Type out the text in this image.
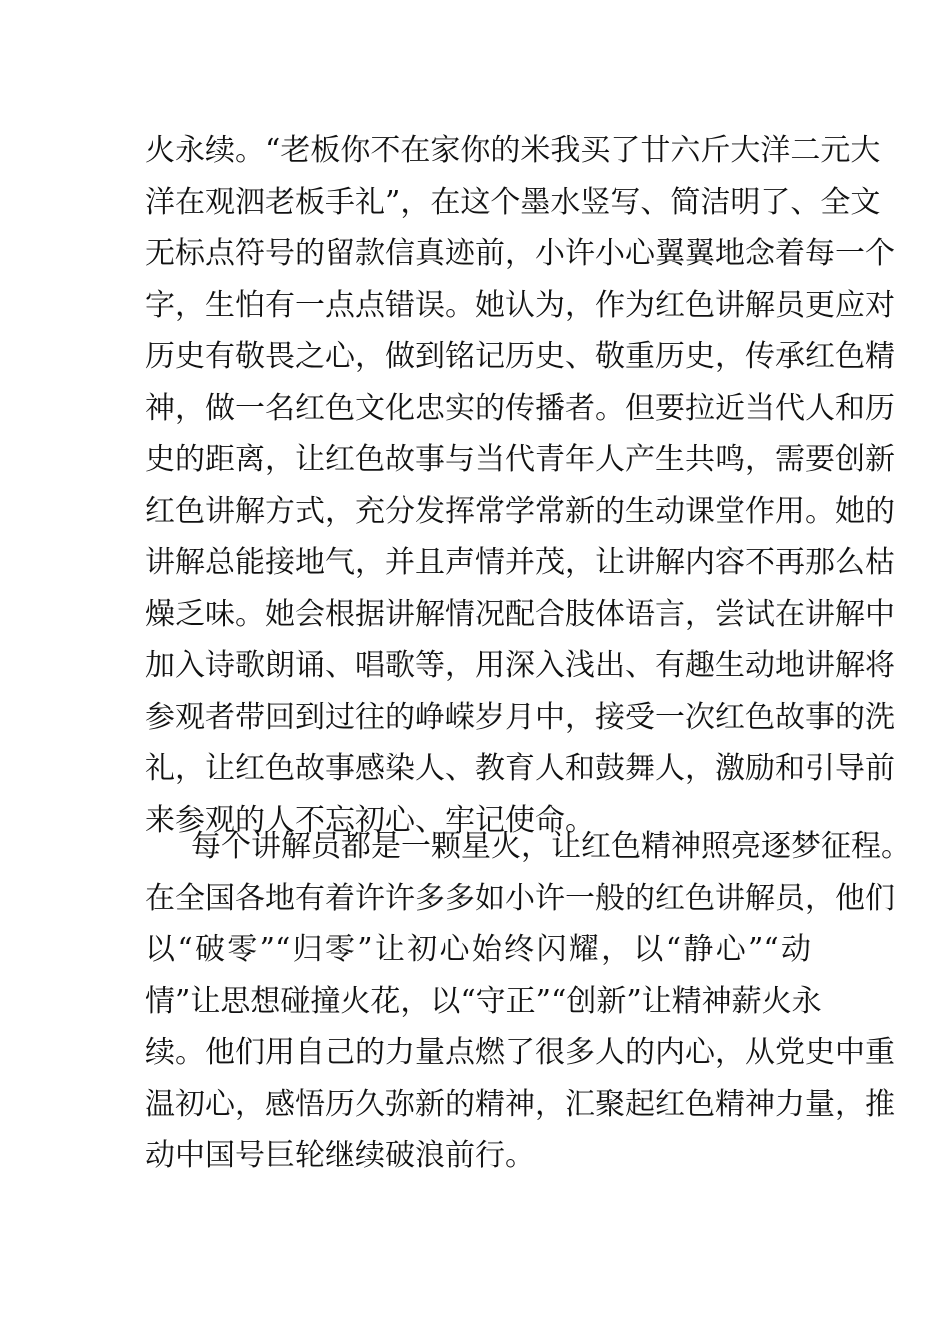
火永续。“老板你不在家你的米我买了廿六斤大洋二元大
洋在观泗老板手礼”，在这个墨水竖写、简洁明了、全文
无标点符号的留款信真迹前，小许小心翼翼地念着每一个
字，生怕有一点点错误。她认为，作为红色讲解员更应对
历史有敬畏之心，做到铭记历史、敬重历史，传承红色精
神，做一名红色文化忠实的传播者。但要拉近当代人和历
史的距离，让红色故事与当代青年人产生共鸣，需要创新
红色讲解方式，充分发挥常学常新的生动课堂作用。她的
讲解总能接地气，并且声情并茂，让讲解内容不再那么枯
燥乏味。她会根据讲解情况配合肢体语言，尝试在讲解中
加入诗歌朗诵、唱歌等，用深入浅出、有趣生动地讲解将
参观者带回到过往的峥嵘岁月中，接受一次红色故事的洗
礼，让红色故事感染人、教育人和鼓舞人，激励和引导前
来参观的人不忘初心、牢记使命。
每个讲解员都是一颗星火，让红色精神照亮逐梦征程。
在全国各地有着许许多多如小许一般的红色讲解员，他们
以“破零”“归零”让初心始终闪耀，以“静心”“动
情”让思想碰撞火花，以“守正”“创新”让精神薪火永
续。他们用自己的力量点燃了很多人的内心，从党史中重
温初心，感悟历久弥新的精神，汇聚起红色精神力量，推
动中国号巨轮继续破浪前行。
